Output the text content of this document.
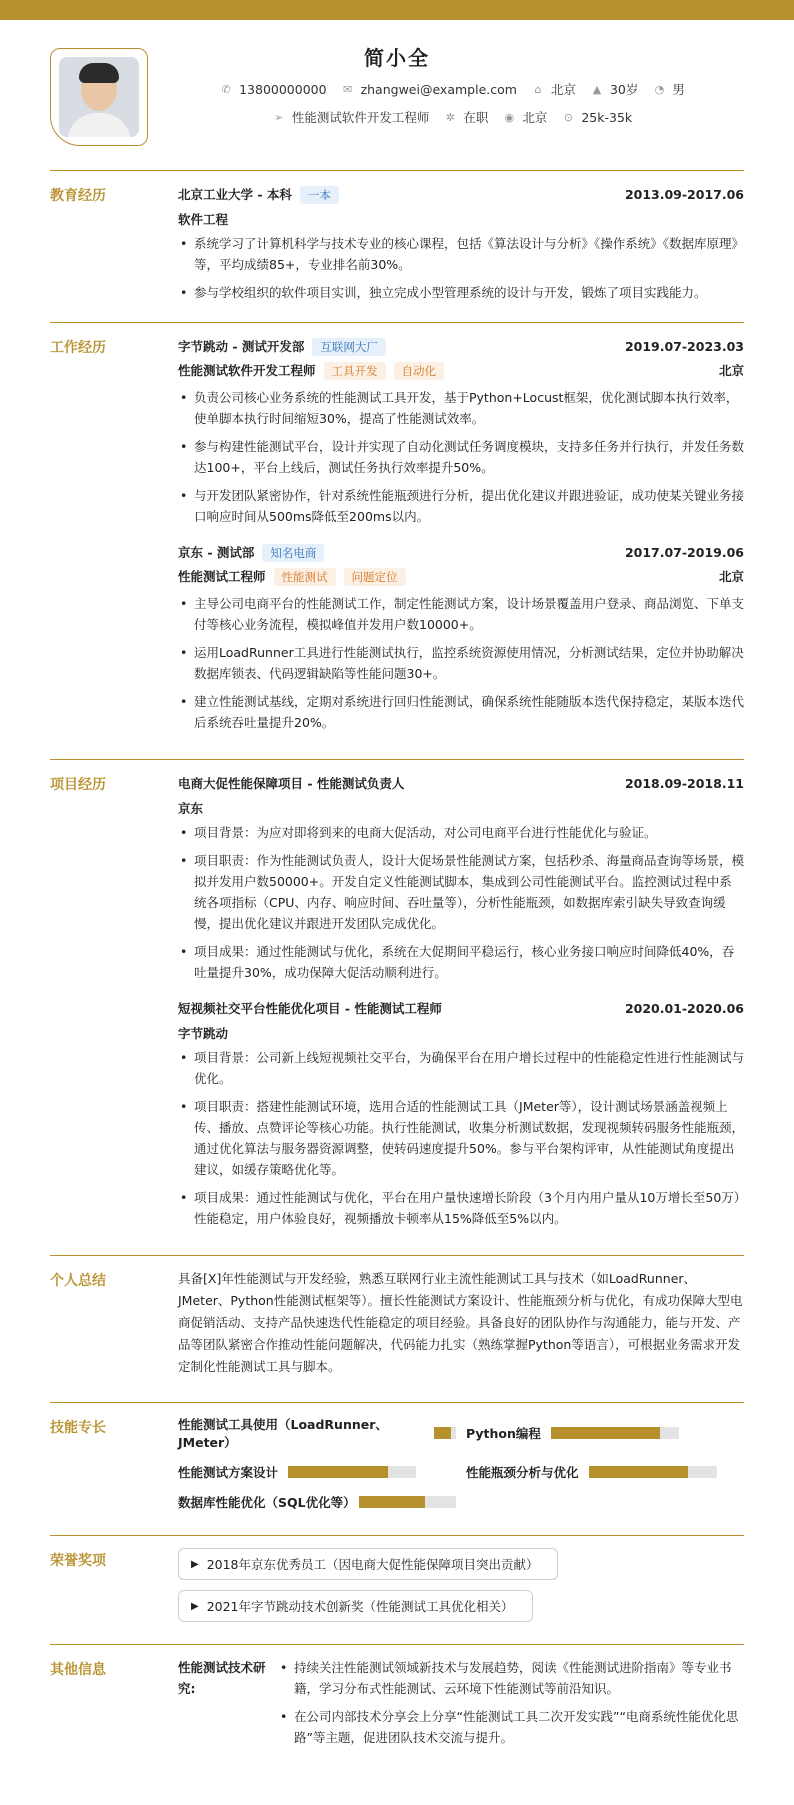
简小全
✆ 13800000000 ✉ zhangwei@example.com	⌂ 北京 ▲ 30岁 ◔ 男
➢ 性能测试软件开发工程师 ✲ 在职 ◉ 北京 ⊙ 25k-35k
教育经历	北京工业大学 - 本科	一本	2013.09-2017.06
软件工程
• 系统学习了计算机科学与技术专业的核心课程，包括《算法设计与分析》《操作系统》《数据库原理》等，平均成绩85+，专业排名前30%。
• 参与学校组织的软件项目实训，独立完成小型管理系统的设计与开发，锻炼了项目实践能力。
工作经历	字节跳动 - 测试开发部	互联网大厂	2019.07-2023.03
性能测试软件开发工程师	工具开发	自动化	北京
• 负责公司核心业务系统的性能测试工具开发，基于Python+Locust框架，优化测试脚本执行效率，使单脚本执行时间缩短30%，提高了性能测试效率。
• 参与构建性能测试平台，设计并实现了自动化测试任务调度模块，支持多任务并行执行，并发任务数达100+，平台上线后，测试任务执行效率提升50%。
• 与开发团队紧密协作，针对系统性能瓶颈进行分析，提出优化建议并跟进验证，成功使某关键业务接口响应时间从500ms降低至200ms以内。
京东 - 测试部	知名电商	2017.07-2019.06
性能测试工程师	性能测试	问题定位	北京
• 主导公司电商平台的性能测试工作，制定性能测试方案，设计场景覆盖用户登录、商品浏览、下单支付等核心业务流程，模拟峰值并发用户数10000+。
• 运用LoadRunner工具进行性能测试执行，监控系统资源使用情况，分析测试结果，定位并协助解决数据库锁表、代码逻辑缺陷等性能问题30+。
• 建立性能测试基线，定期对系统进行回归性能测试，确保系统性能随版本迭代保持稳定，某版本迭代后系统吞吐量提升20%。
项目经历	电商大促性能保障项目 - 性能测试负责人	2018.09-2018.11
京东
• 项目背景：为应对即将到来的电商大促活动，对公司电商平台进行性能优化与验证。
• 项目职责：作为性能测试负责人，设计大促场景性能测试方案，包括秒杀、海量商品查询等场景，模拟并发用户数50000+。开发自定义性能测试脚本，集成到公司性能测试平台。监控测试过程中系统各项指标（CPU、内存、响应时间、吞吐量等），分析性能瓶颈，如数据库索引缺失导致查询缓慢，提出优化建议并跟进开发团队完成优化。
• 项目成果：通过性能测试与优化，系统在大促期间平稳运行，核心业务接口响应时间降低40%，吞吐量提升30%，成功保障大促活动顺利进行。
短视频社交平台性能优化项目 - 性能测试工程师	2020.01-2020.06
字节跳动
• 项目背景：公司新上线短视频社交平台，为确保平台在用户增长过程中的性能稳定性进行性能测试与优化。
• 项目职责：搭建性能测试环境，选用合适的性能测试工具（JMeter等），设计测试场景涵盖视频上传、播放、点赞评论等核心功能。执行性能测试，收集分析测试数据，发现视频转码服务性能瓶颈，通过优化算法与服务器资源调整，使转码速度提升50%。参与平台架构评审，从性能测试角度提出建议，如缓存策略优化等。
• 项目成果：通过性能测试与优化，平台在用户量快速增长阶段（3个月内用户量从10万增长至50万）性能稳定，用户体验良好，视频播放卡顿率从15%降低至5%以内。
个人总结	具备[X]年性能测试与开发经验，熟悉互联网行业主流性能测试工具与技术（如LoadRunner、JMeter、Python性能测试框架等）。擅长性能测试方案设计、性能瓶颈分析与优化，有成功保障大型电商促销活动、支持产品快速迭代性能稳定的项目经验。具备良好的团队协作与沟通能力，能与开发、产品等团队紧密合作推动性能问题解决，代码能力扎实（熟练掌握Python等语言），可根据业务需求开发定制化性能测试工具与脚本。
技能专长	性能测试工具使用（LoadRunner、JMeter）
Python编程
性能测试方案设计	性能瓶颈分析与优化
数据库性能优化（SQL优化等）
荣誉奖项	▶ 2018年京东优秀员工（因电商大促性能保障项目突出贡献）
▶ 2021年字节跳动技术创新奖（性能测试工具优化相关）
其他信息	性能测试技术研究:
• 持续关注性能测试领域新技术与发展趋势，阅读《性能测试进阶指南》等专业书籍，学习分布式性能测试、云环境下性能测试等前沿知识。
• 在公司内部技术分享会上分享“性能测试工具二次开发实践”“电商系统性能优化思路”等主题，促进团队技术交流与提升。
